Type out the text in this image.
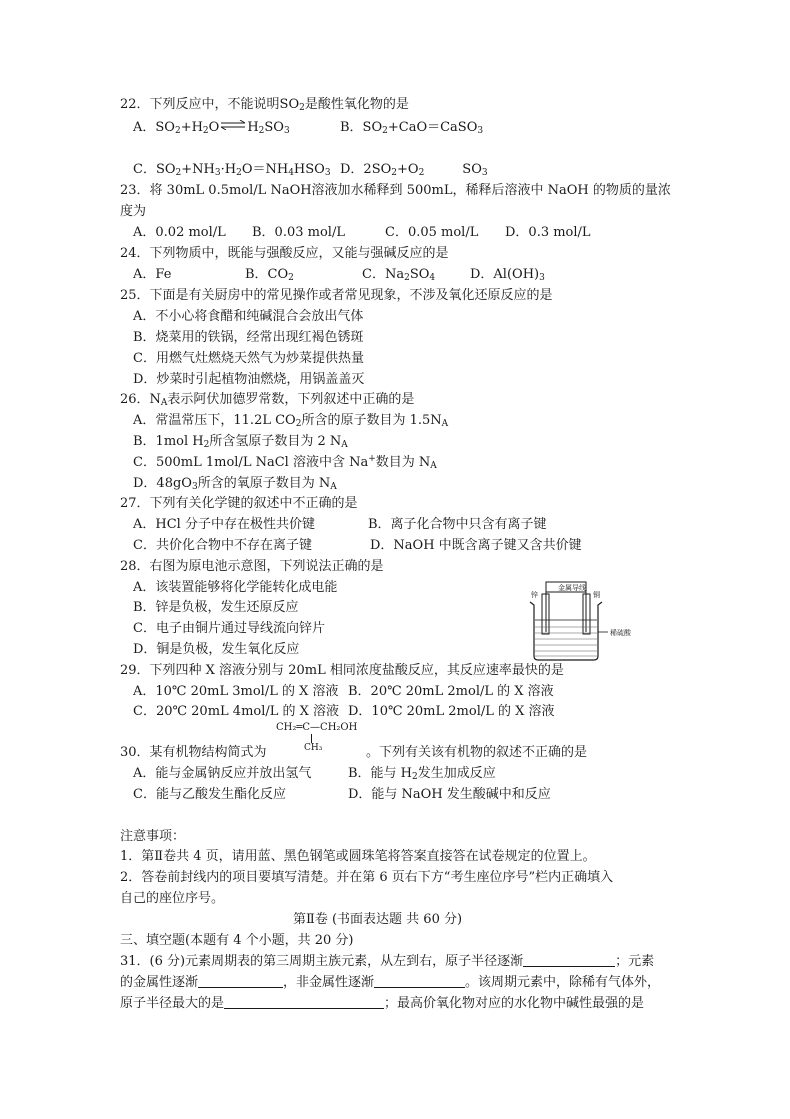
22．下列反应中，不能说明$SO_2$是酸性氧化物的是
A．$SO_2+H_2O\rightleftharpoons H_2SO_3$	B．$SO_2+CaO=CaSO_3$
C．$SO_2+NH_3\cdot H_2O=NH_4HSO_3$ D．$2SO_2+O_2$	$SO_3$
23．将 30mL 0.5mol/L NaOH溶液加水稀释到 500mL，稀释后溶液中 NaOH 的物质的量浓
度为
A．0.02 mol/L B．0.03 mol/L	C．0.05 mol/L D．0.3 mol/L
24．下列物质中，既能与强酸反应，又能与强碱反应的是
A．Fe	B．$CO_2$	C．$Na_2SO_4$	D．$Al(OH)_3$
25．下面是有关厨房中的常见操作或者常见现象，不涉及氧化还原反应的是
A．不小心将食醋和纯碱混合会放出气体
B．烧菜用的铁锅，经常出现红褐色锈斑
C．用燃气灶燃烧天然气为炒菜提供热量
D．炒菜时引起植物油燃烧，用锅盖盖灭
26．$N_A$表示阿伏加德罗常数，下列叙述中正确的是
A．常温常压下，11.2L $CO_2$所含的原子数目为 $1.5N_A$
B．1mol $H_2$所含氢原子数目为 2 $N_A$
C．500mL 1mol/L NaCl 溶液中含 Na+数目为 $N_A$
D．$48gO_3$所含的氧原子数目为 $N_A$
27．下列有关化学键的叙述中不正确的是
A．HCl 分子中存在极性共价键	B．离子化合物中只含有离子键
C．共价化合物中不存在离子键	D．NaOH 中既含离子键又含共价键
28．右图为原电池示意图，下列说法正确的是
A．该装置能够将化学能转化成电能
B．锌是负极，发生还原反应
C．电子由铜片通过导线流向锌片
D．铜是负极，发生氧化反应
金属导线
锌	铜
稀硫酸
29．下列四种 X 溶液分别与 20mL 相同浓度盐酸反应，其反应速率最快的是
A．10℃ 20mL 3mol/L 的 X 溶液 B．20℃ 20mL 2mol/L 的 X 溶液
C．20℃ 20mL 4mol/L 的 X 溶液 D．10℃ 20mL 2mol/L 的 X 溶液
CH₂═C—CH₂OH
CH₃
30．某有机物结构简式为	。下列有关该有机物的叙述不正确的是
A．能与金属钠反应并放出氢气	B．能与 $H_2$发生加成反应
C．能与乙酸发生酯化反应	D．能与 NaOH 发生酸碱中和反应
注意事项：
1．第Ⅱ卷共 4 页，请用蓝、黑色钢笔或圆珠笔将答案直接答在试卷规定的位置上。
2．答卷前封线内的项目要填写清楚。并在第 6 页右下方“考生座位序号”栏内正确填入
自己的座位序号。
第Ⅱ卷 (书面表达题 共 60 分)
三、填空题(本题有 4 个小题，共 20 分)
31．(6 分)元素周期表的第三周期主族元素，从左到右，原子半径逐渐	；元素
的金属性逐渐	，非金属性逐渐	。该周期元素中，除稀有气体外，
原子半径最大的是	；最高价氧化物对应的水化物中碱性最强的是
